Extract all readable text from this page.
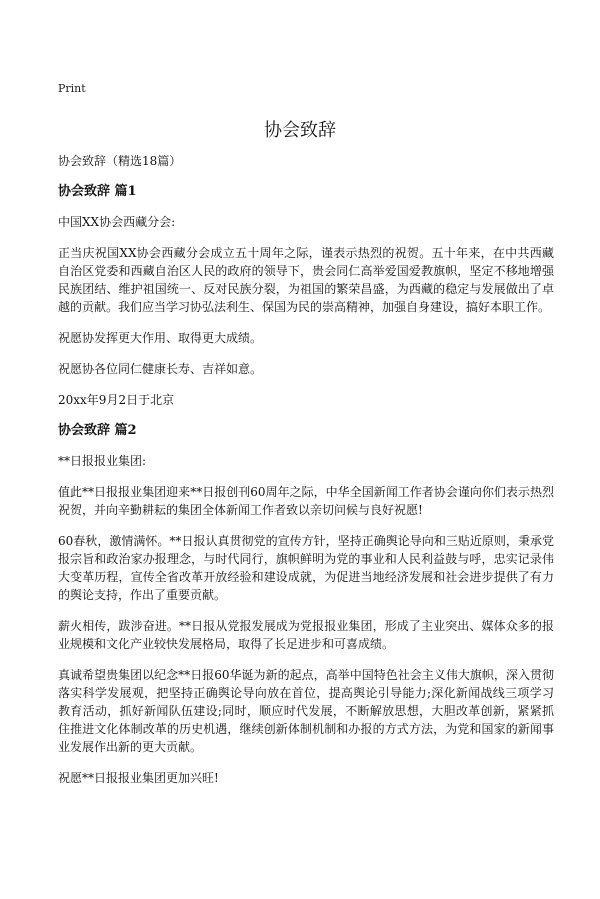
Print
协会致辞

协会致辞（精选18篇）

协会致辞 篇1

中国XX协会西藏分会:

正当庆祝国XX协会西藏分会成立五十周年之际，谨表示热烈的祝贺。五十年来，在中共西藏自治区党委和西藏自治区人民的政府的领导下，贵会同仁高举爱国爱教旗帜，坚定不移地增强民族团结、维护祖国统一、反对民族分裂，为祖国的繁荣昌盛，为西藏的稳定与发展做出了卓越的贡献。我们应当学习协弘法利生、保国为民的崇高精神，加强自身建设，搞好本职工作。

祝愿协发挥更大作用、取得更大成绩。

祝愿协各位同仁健康长寿、吉祥如意。

20xx年9月2日于北京

协会致辞 篇2

**日报报业集团:

值此**日报报业集团迎来**日报创刊60周年之际，中华全国新闻工作者协会谨向你们表示热烈祝贺，并向辛勤耕耘的集团全体新闻工作者致以亲切问候与良好祝愿!

60春秋，激情满怀。**日报认真贯彻党的宣传方针，坚持正确舆论导向和三贴近原则，秉承党报宗旨和政治家办报理念，与时代同行，旗帜鲜明为党的事业和人民利益鼓与呼，忠实记录伟大变革历程，宣传全省改革开放经验和建设成就，为促进当地经济发展和社会进步提供了有力的舆论支持，作出了重要贡献。

薪火相传，跋涉奋进。**日报从党报发展成为党报报业集团，形成了主业突出、媒体众多的报业规模和文化产业较快发展格局，取得了长足进步和可喜成绩。

真诚希望贵集团以纪念**日报60华诞为新的起点，高举中国特色社会主义伟大旗帜，深入贯彻落实科学发展观，把坚持正确舆论导向放在首位，提高舆论引导能力;深化新闻战线三项学习教育活动，抓好新闻队伍建设;同时，顺应时代发展，不断解放思想，大胆改革创新，紧紧抓住推进文化体制改革的历史机遇，继续创新体制机制和办报的方式方法，为党和国家的新闻事业发展作出新的更大贡献。

祝愿**日报报业集团更加兴旺!
